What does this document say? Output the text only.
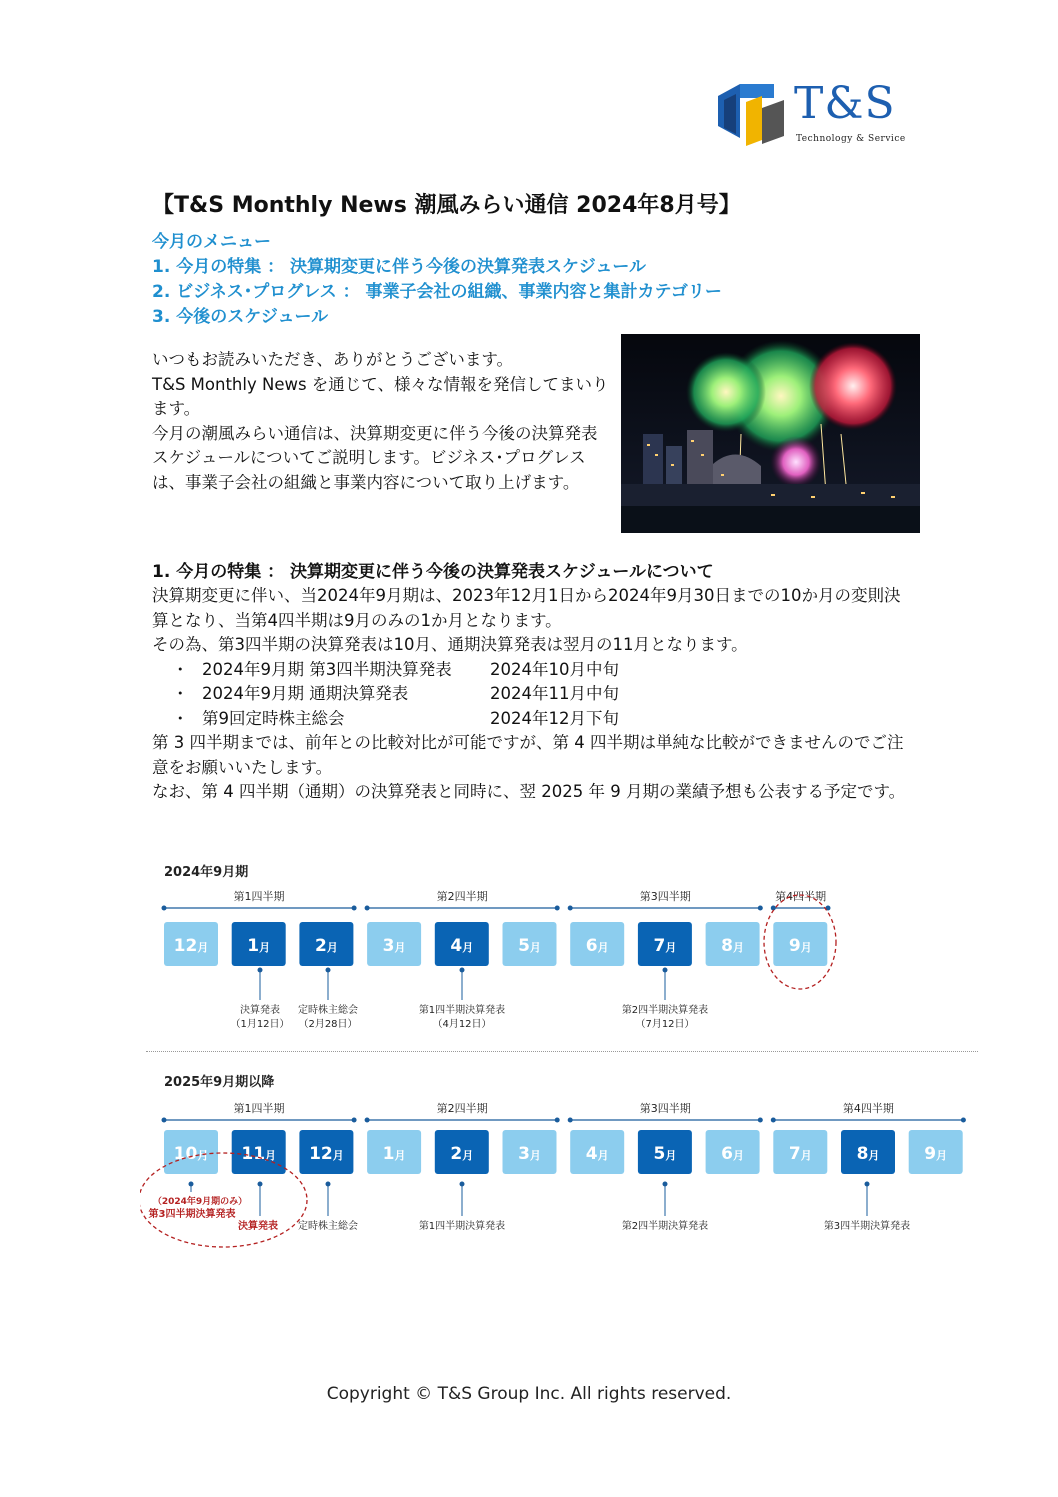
T&S
Technology & Service
【T&S Monthly News 潮風みらい通信 2024年8月号】
今月のメニュー
1. 今月の特集 ： 決算期変更に伴う今後の決算発表スケジュール
2. ビジネス･プログレス ： 事業子会社の組織、事業内容と集計カテゴリー
3. 今後のスケジュール
いつもお読みいただき、ありがとうございます。
T&S Monthly News を通じて、様々な情報を発信してまいります。
今月の潮風みらい通信は、決算期変更に伴う今後の決算発表スケジュールについてご説明します。ビジネス･プログレスは、事業子会社の組織と事業内容について取り上げます。
1. 今月の特集 ： 決算期変更に伴う今後の決算発表スケジュールについて

決算期変更に伴い、当2024年9月期は、2023年12月1日から2024年9月30日までの10か月の変則決算となり、当第4四半期は9月のみの1か月となります。

その為、第3四半期の決算発表は10月、通期決算発表は翌月の11月となります。

・ 2024年9月期 第3四半期決算発表 2024年10月中旬
・ 2024年9月期 通期決算発表	2024年11月中旬
・ 第9回定時株主総会	2024年12月下旬

第 3 四半期までは、前年との比較対比が可能ですが、第 4 四半期は単純な比較ができませんのでご注意をお願いいたします。

なお、第 4 四半期（通期）の決算発表と同時に、翌 2025 年 9 月期の業績予想も公表する予定です。

2024年9月期
第1四半期	第2四半期	第3四半期	第4四半期
12月 1月	2月	3月	4月	5月	6月	7月	8月	9月
決算発表
（1月12日）
定時株主総会
（2月28日）
第1四半期決算発表
（4月12日）
第2四半期決算発表
（7月12日）
2025年9月期以降
第1四半期	第2四半期	第3四半期	第4四半期
10月 11月 12月 1月	2月	3月	4月	5月	6月	7月	8月	9月
（2024年9月期のみ）
第3四半期決算発表
決算発表 定時株主総会	第1四半期決算発表	第2四半期決算発表	第3四半期決算発表
Copyright © T&S Group Inc. All rights reserved.
